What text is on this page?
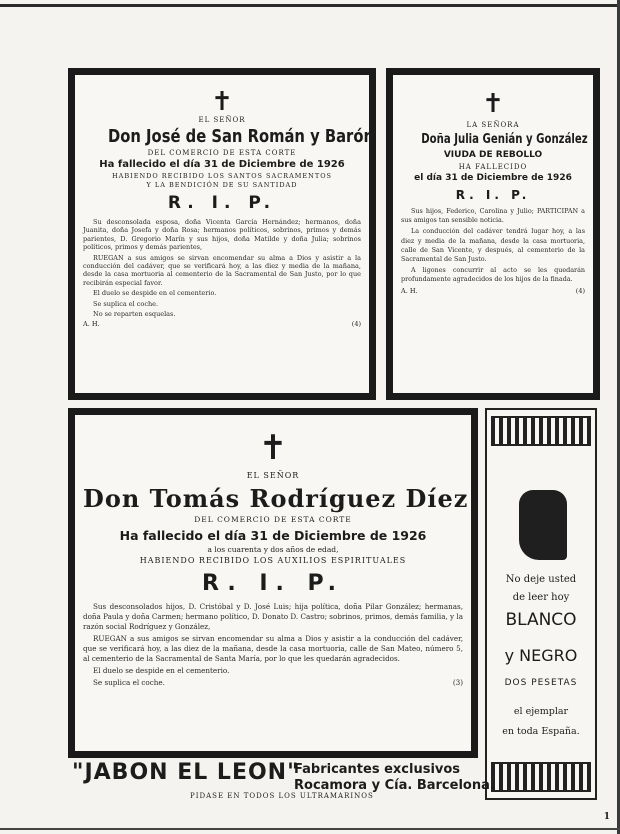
✝
EL SEÑOR
Don José de San Román y Barón
DEL COMERCIO DE ESTA CORTE
Ha fallecido el día 31 de Diciembre de 1926
HABIENDO RECIBIDO LOS SANTOS SACRAMENTOS
Y LA BENDICIÓN DE SU SANTIDAD
R. I. P.

Su desconsolada esposa, doña Vicenta García Hernández; hermanos, doña Juanita, doña Josefa y doña Rosa; hermanos políticos, sobrinos, primos y demás parientes, D. Gregorio Marín y sus hijos, doña Matilde y doña Julia; sobrinos políticos, primos y demás parientes,

RUEGAN a sus amigos se sirvan encomendar su alma a Dios y asistir a la conducción del cadáver, que se verificará hoy, a las diez y media de la mañana, desde la casa mortuoria al cementerio de la Sacramental de San Justo, por lo que recibirán especial favor.

El duelo se despide en el cementerio.

Se suplica el coche.

No se reparten esquelas.

A. H.	(4)
✝
LA SEÑORA
Doña Julia Genián y González
VIUDA DE REBOLLO
HA FALLECIDO
el día 31 de Diciembre de 1926
R. I. P.

Sus hijos, Federico, Carolina y Julio; PARTICIPAN a sus amigos tan sensible noticia.

La conducción del cadáver tendrá lugar hoy, a las diez y media de la mañana, desde la casa mortuoria, calle de San Vicente, y después, al cementerio de la Sacramental de San Justo.

A ligones concurrir al acto se les quedarán profundamente agradecidos de los hijos de la finada.

A. H.	(4)
✝
EL SEÑOR
Don Tomás Rodríguez Díez
DEL COMERCIO DE ESTA CORTE
Ha fallecido el día 31 de Diciembre de 1926
a los cuarenta y dos años de edad,
HABIENDO RECIBIDO LOS AUXILIOS ESPIRITUALES
R. I. P.

Sus desconsolados hijos, D. Cristóbal y D. José Luis; hija política, doña Pilar González; hermanas, doña Paula y doña Carmen; hermano político, D. Donato D. Castro; sobrinos, primos, demás familia, y la razón social Rodríguez y González,

RUEGAN a sus amigos se sirvan encomendar su alma a Dios y asistir a la conducción del cadáver, que se verificará hoy, a las diez de la mañana, desde la casa mortuoria, calle de San Mateo, número 5, al cementerio de la Sacramental de Santa María, por lo que les quedarán agradecidos.

El duelo se despide en el cementerio.

Se suplica el coche.	(3)
No deje usted
de leer hoy
BLANCO
y NEGRO
DOS PESETAS
el ejemplar
en toda España.
"JABON EL LEON"
Fabricantes exclusivos
Rocamora y Cía. Barcelona.
PIDASE EN TODOS LOS ULTRAMARINOS
1
